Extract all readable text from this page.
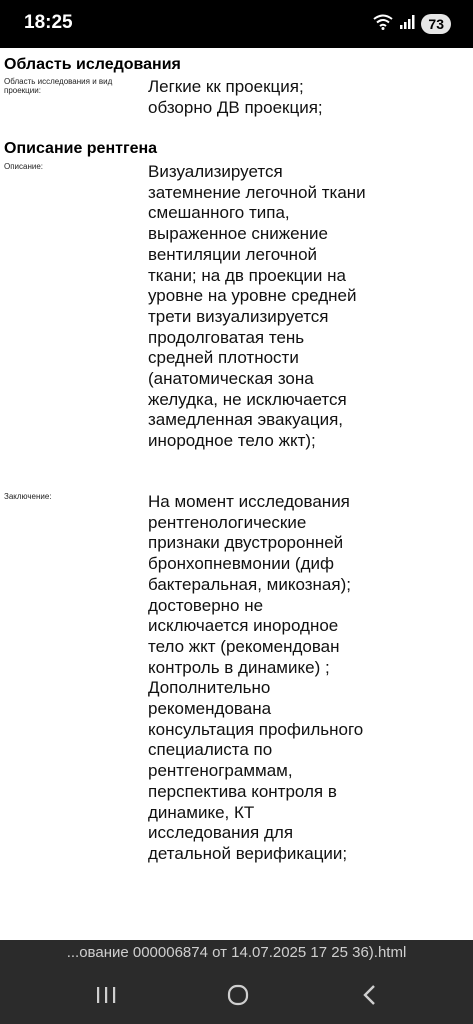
18:25	73
Область иследования
Область исследования и вид проекции:	Легкие кк проекция; обзорно ДВ проекция;
Описание рентгена
Описание:	Визуализируется затемнение легочной ткани смешанного типа, выраженное снижение вентиляции легочной ткани; на дв проекции на уровне на уровне средней трети визуализируется продолговатая тень средней плотности (анатомическая зона желудка, не исключается замедленная эвакуация, инородное тело жкт);
Заключение:	На момент исследования рентгенологические признаки двустроронней бронхопневмонии (диф бактеральная, микозная); достоверно не исключается инородное тело жкт (рекомендован контроль в динамике) ; Дополнительно рекомендована консультация профильного специалиста по рентгенограммам, перспектива контроля в динамике, КТ исследования для детальной верификации;
...ование 000006874 от 14.07.2025 17 25 36).html
